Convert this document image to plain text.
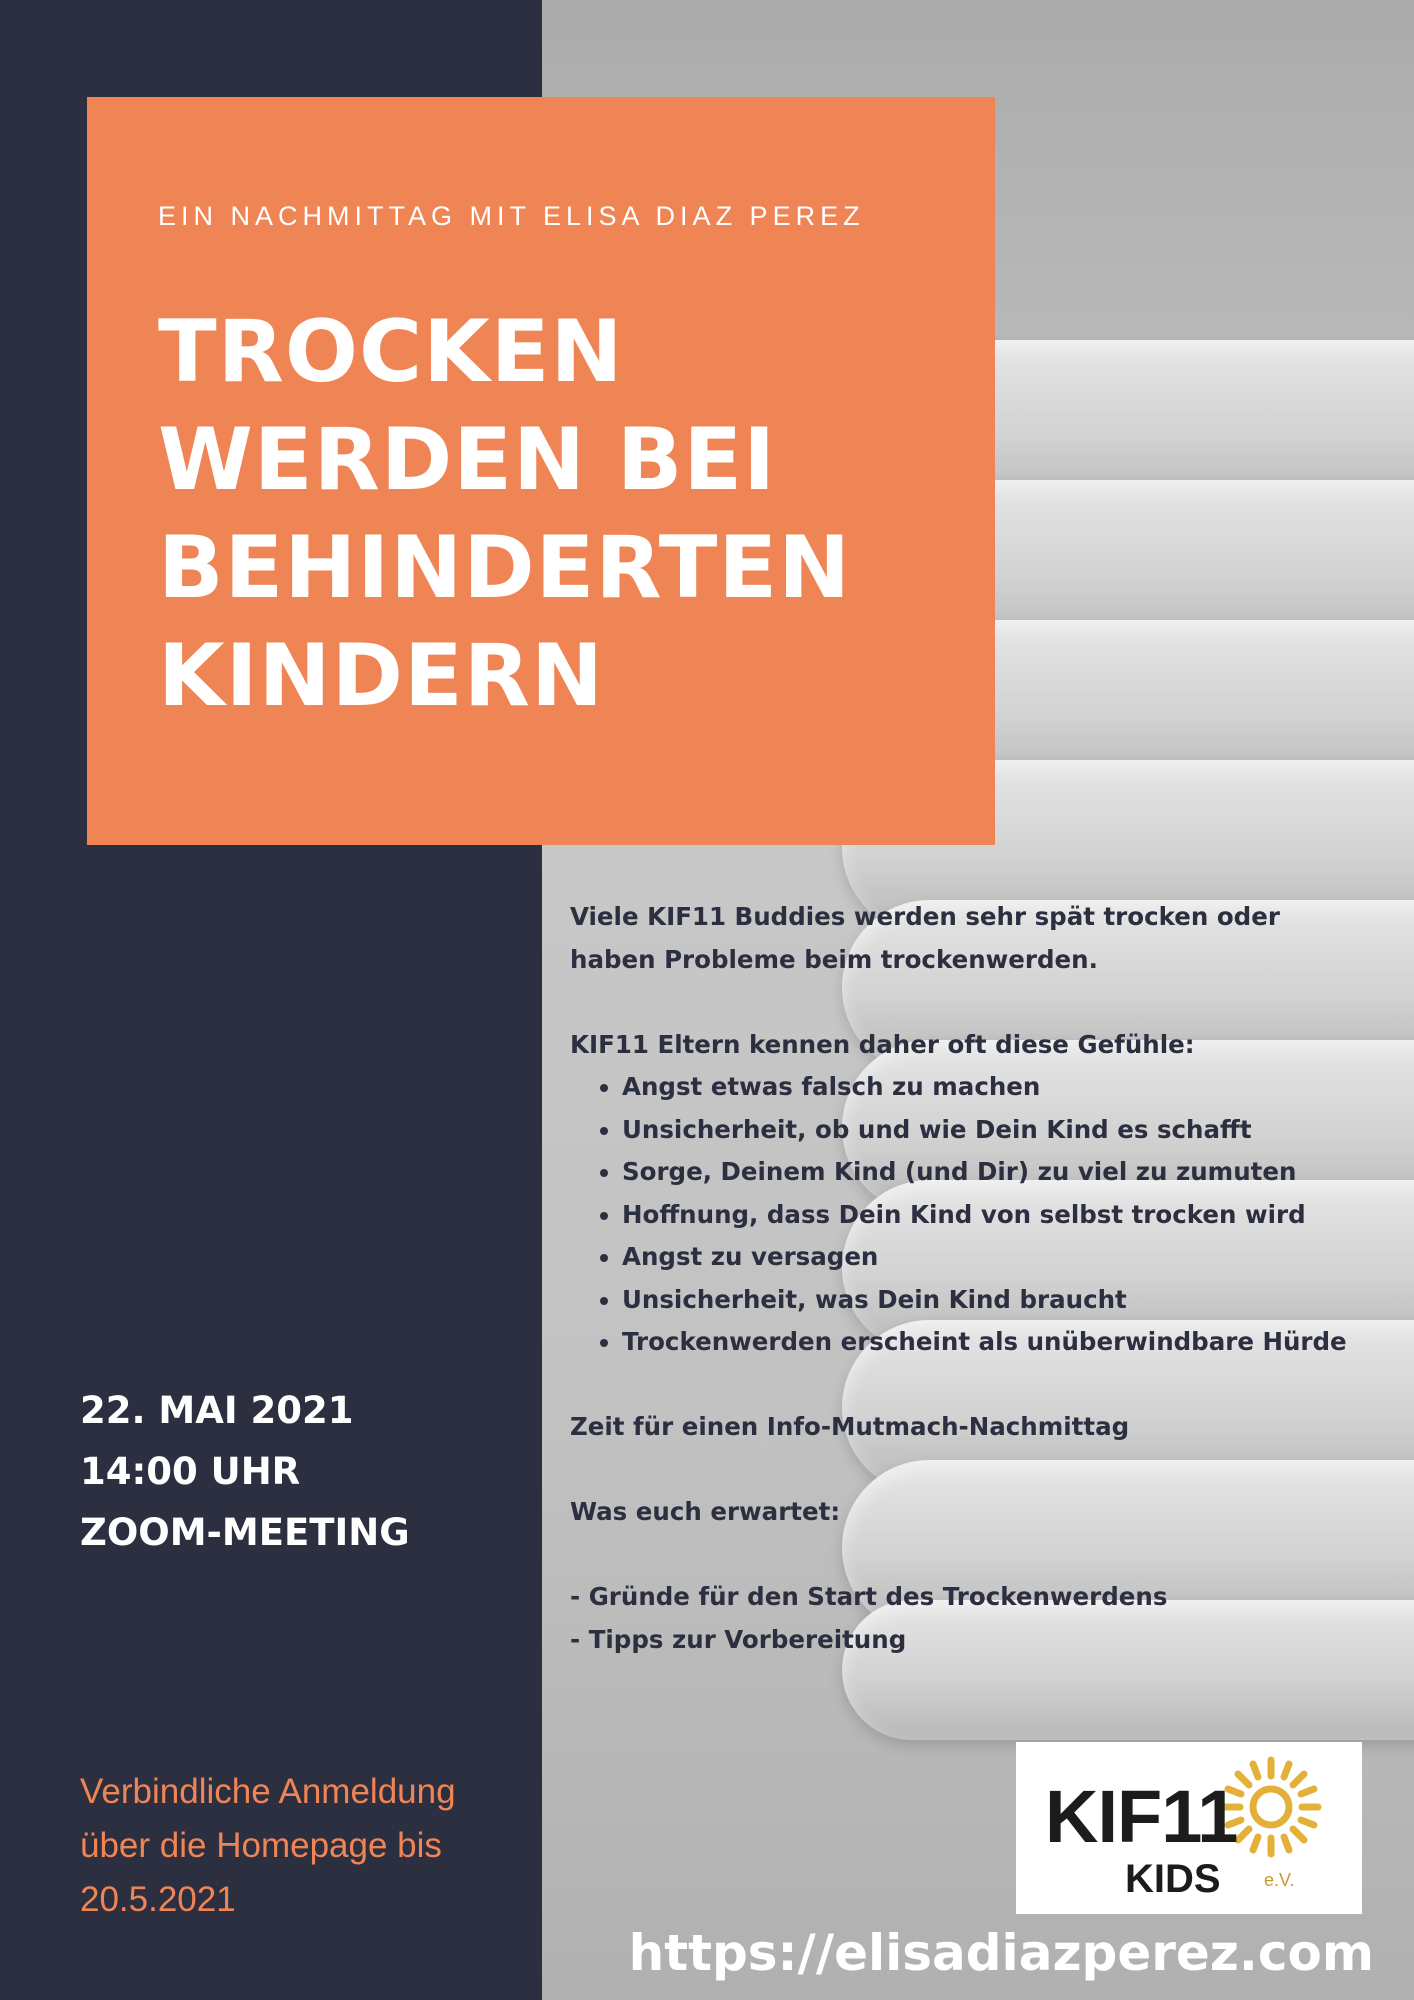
EIN NACHMITTAG MIT ELISA DIAZ PEREZ
TROCKEN
WERDEN BEI
BEHINDERTEN
KINDERN

Viele KIF11 Buddies werden sehr spät trocken oder

haben Probleme beim trockenwerden.

KIF11 Eltern kennen daher oft diese Gefühle:

• Angst etwas falsch zu machen
• Unsicherheit, ob und wie Dein Kind es schafft
• Sorge, Deinem Kind (und Dir) zu viel zu zumuten
• Hoffnung, dass Dein Kind von selbst trocken wird
• Angst zu versagen
• Unsicherheit, was Dein Kind braucht
• Trockenwerden erscheint als unüberwindbare Hürde

Zeit für einen Info-Mutmach-Nachmittag

Was euch erwartet:

- Gründe für den Start des Trockenwerdens

- Tipps zur Vorbereitung

22. MAI 2021
14:00 UHR
ZOOM-MEETING
Verbindliche Anmeldung
über die Homepage bis
20.5.2021
KIF11
KIDS e.V.
https://elisadiazperez.com
